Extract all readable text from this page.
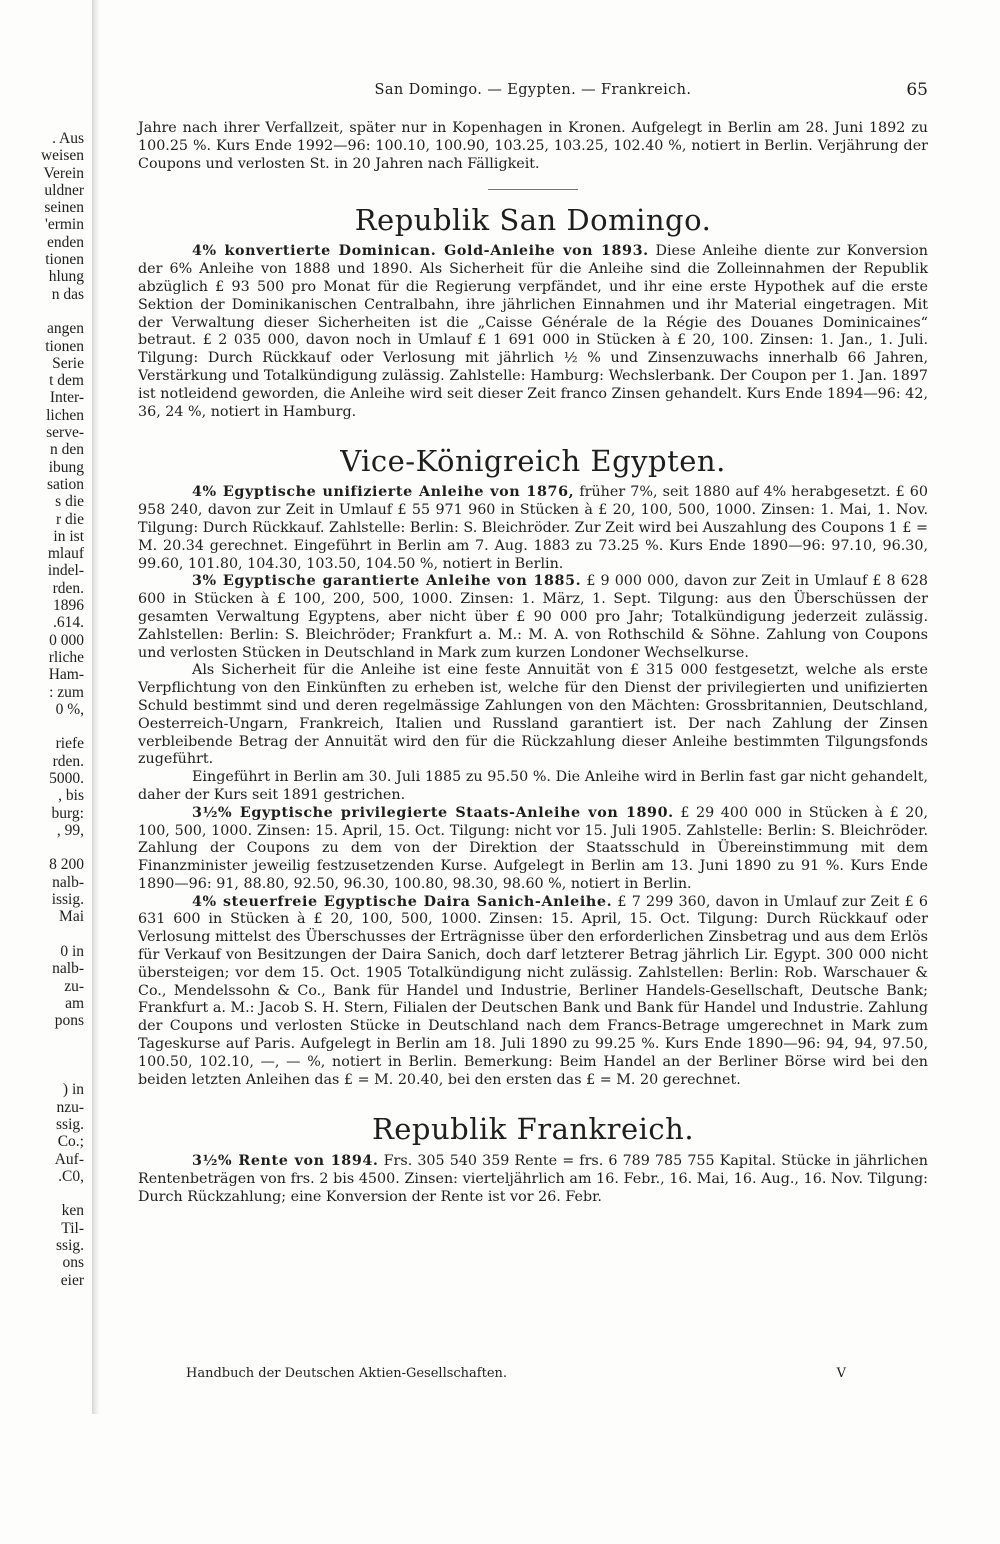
. Aus
weisen
Verein
uldner
seinen
'ermin
enden
tionen
hlung
n das

angen
tionen
Serie
t dem
Inter-
lichen
serve-
n den
ibung
sation
s die
r die
in ist
mlauf
indel-
rden.
1896
.614.
0 000
rliche
Ham-
: zum
0 %,

riefe
rden.
5000.
, bis
burg:
, 99,

8 200
nalb-
issig.
Mai

0 in
nalb-
zu-
am
pons

) in
nzu-
ssig.
Co.;
Auf-
.C0,

ken
Til-
ssig.
ons
eier
San Domingo. — Egypten. — Frankreich.	65

Jahre nach ihrer Verfallzeit, später nur in Kopenhagen in Kronen. Aufgelegt in Berlin am 28. Juni 1892 zu 100.25 %. Kurs Ende 1992—96: 100.10, 100.90, 103.25, 103.25, 102.40 %, notiert in Berlin. Verjährung der Coupons und verlosten St. in 20 Jahren nach Fälligkeit.

Republik San Domingo.

4% konvertierte Dominican. Gold-Anleihe von 1893. Diese Anleihe diente zur Konversion der 6% Anleihe von 1888 und 1890. Als Sicherheit für die Anleihe sind die Zolleinnahmen der Republik abzüglich £ 93 500 pro Monat für die Regierung verpfändet, und ihr eine erste Hypothek auf die erste Sektion der Dominikanischen Centralbahn, ihre jährlichen Einnahmen und ihr Material eingetragen. Mit der Verwaltung dieser Sicherheiten ist die „Caisse Générale de la Régie des Douanes Dominicaines“ betraut. £ 2 035 000, davon noch in Umlauf £ 1 691 000 in Stücken à £ 20, 100. Zinsen: 1. Jan., 1. Juli. Tilgung: Durch Rückkauf oder Verlosung mit jährlich ½ % und Zinsenzuwachs innerhalb 66 Jahren, Verstärkung und Totalkündigung zulässig. Zahlstelle: Hamburg: Wechslerbank. Der Coupon per 1. Jan. 1897 ist notleidend geworden, die Anleihe wird seit dieser Zeit franco Zinsen gehandelt. Kurs Ende 1894—96: 42, 36, 24 %, notiert in Hamburg.

Vice-Königreich Egypten.

4% Egyptische unifizierte Anleihe von 1876, früher 7%, seit 1880 auf 4% herabgesetzt. £ 60 958 240, davon zur Zeit in Umlauf £ 55 971 960 in Stücken à £ 20, 100, 500, 1000. Zinsen: 1. Mai, 1. Nov. Tilgung: Durch Rückkauf. Zahlstelle: Berlin: S. Bleichröder. Zur Zeit wird bei Auszahlung des Coupons 1 £ = M. 20.34 gerechnet. Eingeführt in Berlin am 7. Aug. 1883 zu 73.25 %. Kurs Ende 1890—96: 97.10, 96.30, 99.60, 101.80, 104.30, 103.50, 104.50 %, notiert in Berlin.

3% Egyptische garantierte Anleihe von 1885. £ 9 000 000, davon zur Zeit in Umlauf £ 8 628 600 in Stücken à £ 100, 200, 500, 1000. Zinsen: 1. März, 1. Sept. Tilgung: aus den Überschüssen der gesamten Verwaltung Egyptens, aber nicht über £ 90 000 pro Jahr; Totalkündigung jederzeit zulässig. Zahlstellen: Berlin: S. Bleichröder; Frankfurt a. M.: M. A. von Rothschild & Söhne. Zahlung von Coupons und verlosten Stücken in Deutschland in Mark zum kurzen Londoner Wechselkurse.

Als Sicherheit für die Anleihe ist eine feste Annuität von £ 315 000 festgesetzt, welche als erste Verpflichtung von den Einkünften zu erheben ist, welche für den Dienst der privilegierten und unifizierten Schuld bestimmt sind und deren regelmässige Zahlungen von den Mächten: Grossbritannien, Deutschland, Oesterreich-Ungarn, Frankreich, Italien und Russland garantiert ist. Der nach Zahlung der Zinsen verbleibende Betrag der Annuität wird den für die Rückzahlung dieser Anleihe bestimmten Tilgungsfonds zugeführt.

Eingeführt in Berlin am 30. Juli 1885 zu 95.50 %. Die Anleihe wird in Berlin fast gar nicht gehandelt, daher der Kurs seit 1891 gestrichen.

3½% Egyptische privilegierte Staats-Anleihe von 1890. £ 29 400 000 in Stücken à £ 20, 100, 500, 1000. Zinsen: 15. April, 15. Oct. Tilgung: nicht vor 15. Juli 1905. Zahlstelle: Berlin: S. Bleichröder. Zahlung der Coupons zu dem von der Direktion der Staatsschuld in Übereinstimmung mit dem Finanzminister jeweilig festzusetzenden Kurse. Aufgelegt in Berlin am 13. Juni 1890 zu 91 %. Kurs Ende 1890—96: 91, 88.80, 92.50, 96.30, 100.80, 98.30, 98.60 %, notiert in Berlin.

4% steuerfreie Egyptische Daira Sanich-Anleihe. £ 7 299 360, davon in Umlauf zur Zeit £ 6 631 600 in Stücken à £ 20, 100, 500, 1000. Zinsen: 15. April, 15. Oct. Tilgung: Durch Rückkauf oder Verlosung mittelst des Überschusses der Erträgnisse über den erforderlichen Zinsbetrag und aus dem Erlös für Verkauf von Besitzungen der Daira Sanich, doch darf letzterer Betrag jährlich Lir. Egypt. 300 000 nicht übersteigen; vor dem 15. Oct. 1905 Totalkündigung nicht zulässig. Zahlstellen: Berlin: Rob. Warschauer & Co., Mendelssohn & Co., Bank für Handel und Industrie, Berliner Handels-Gesellschaft, Deutsche Bank; Frankfurt a. M.: Jacob S. H. Stern, Filialen der Deutschen Bank und Bank für Handel und Industrie. Zahlung der Coupons und verlosten Stücke in Deutschland nach dem Francs-Betrage umgerechnet in Mark zum Tageskurse auf Paris. Aufgelegt in Berlin am 18. Juli 1890 zu 99.25 %. Kurs Ende 1890—96: 94, 94, 97.50, 100.50, 102.10, —, — %, notiert in Berlin. Bemerkung: Beim Handel an der Berliner Börse wird bei den beiden letzten Anleihen das £ = M. 20.40, bei den ersten das £ = M. 20 gerechnet.

Republik Frankreich.

3½% Rente von 1894. Frs. 305 540 359 Rente = frs. 6 789 785 755 Kapital. Stücke in jährlichen Rentenbeträgen von frs. 2 bis 4500. Zinsen: vierteljährlich am 16. Febr., 16. Mai, 16. Aug., 16. Nov. Tilgung: Durch Rückzahlung; eine Konversion der Rente ist vor 26. Febr.

Handbuch der Deutschen Aktien-Gesellschaften.	V
